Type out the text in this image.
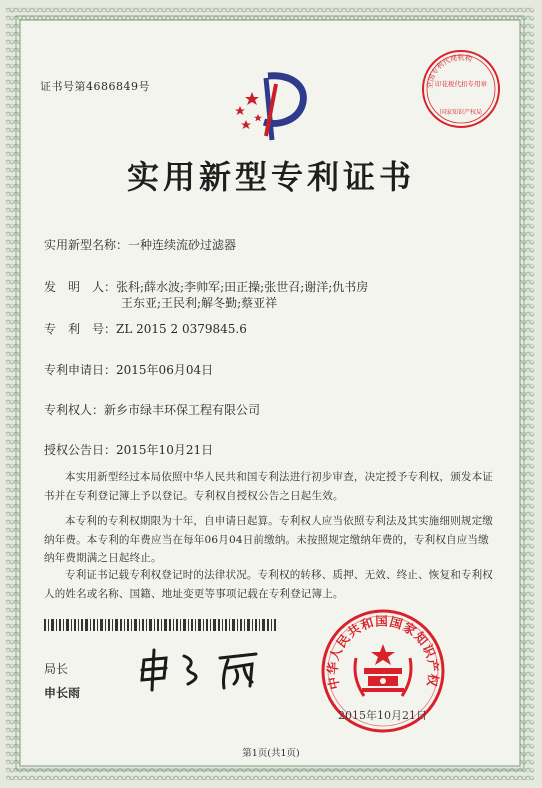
证书号第4686849号	全国专利代理机构
印花税代扣专用章
国家知识产权局
实用新型专利证书
实用新型名称：一种连续流砂过滤器
发　明　人：张科;薛水波;李帅军;田正操;张世召;谢洋;仇书房
王东亚;王民利;解冬勤;蔡亚祥
专　利　号：ZL 2015 2 0379845.6
专利申请日：2015年06月04日
专利权人：新乡市绿丰环保工程有限公司
授权公告日：2015年10月21日
本实用新型经过本局依照中华人民共和国专利法进行初步审查，决定授予专利权，颁发本证书并在专利登记簿上予以登记。专利权自授权公告之日起生效。
本专利的专利权期限为十年，自申请日起算。专利权人应当依照专利法及其实施细则规定缴纳年费。本专利的年费应当在每年06月04日前缴纳。未按照规定缴纳年费的，专利权自应当缴纳年费期满之日起终止。
专利证书记载专利权登记时的法律状况。专利权的转移、质押、无效、终止、恢复和专利权人的姓名或名称、国籍、地址变更等事项记载在专利登记簿上。
局长
申长雨
中华人民共和国国家知识产权
2015年10月21日
第1页(共1页)
